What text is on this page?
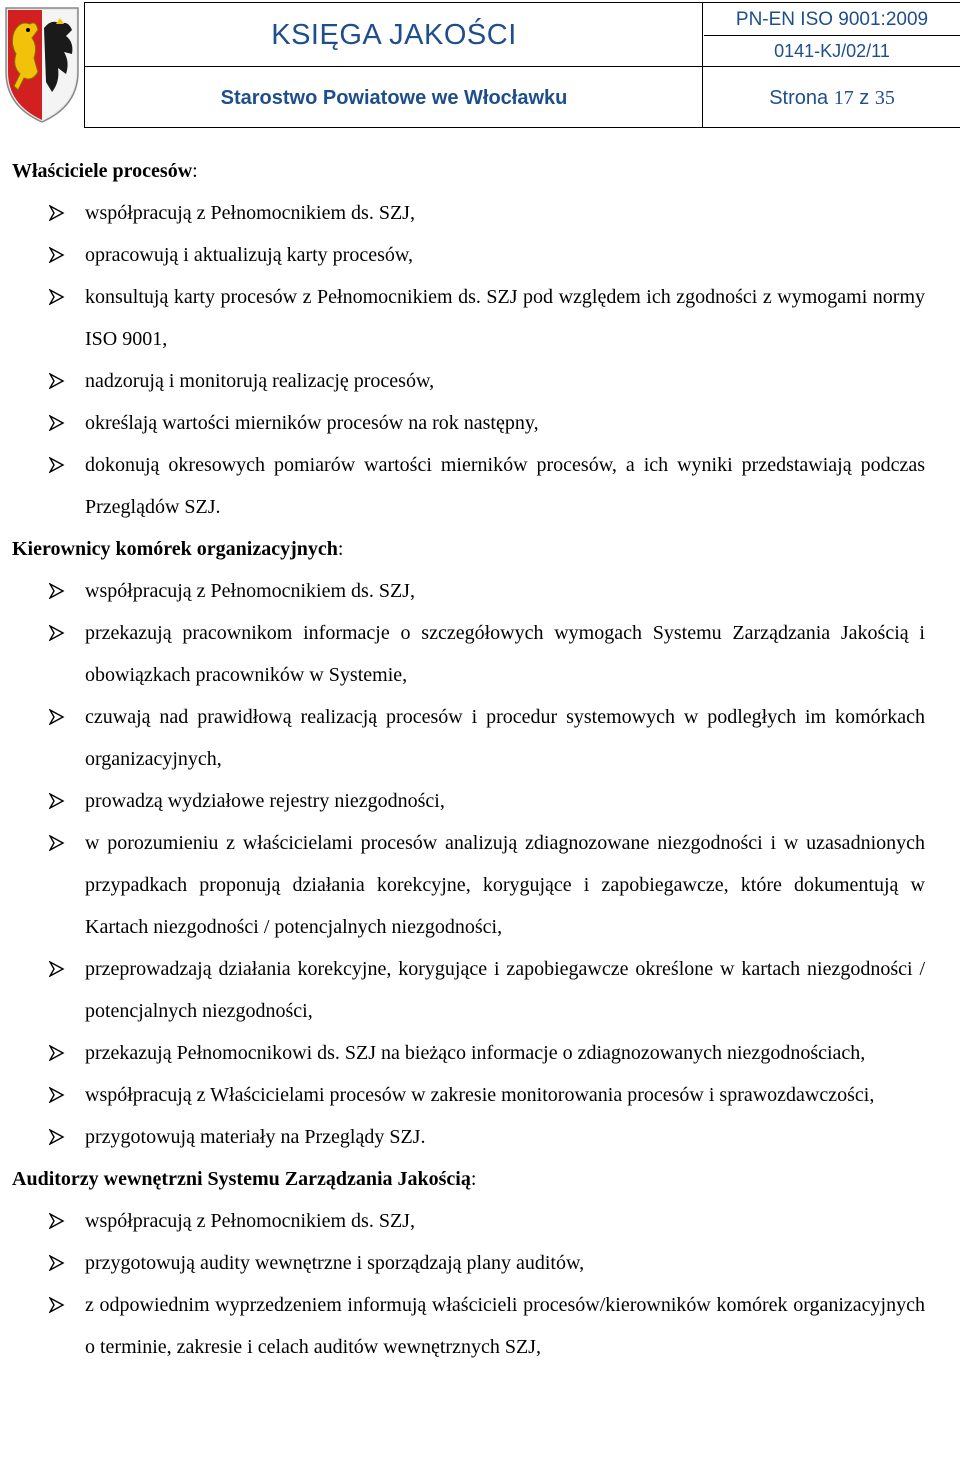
KSIĘGA JAKOŚCI	PN-EN ISO 9001:2009
0141-KJ/02/11
Starostwo Powiatowe we Włocławku	Strona 17 z 35

Właściciele procesów:

współpracują z Pełnomocnikiem ds. SZJ,
opracowują i aktualizują karty procesów,
konsultują karty procesów z Pełnomocnikiem ds. SZJ pod względem ich zgodności z wymogami normy ISO 9001,
nadzorują i monitorują realizację procesów,
określają wartości mierników procesów na rok następny,
dokonują okresowych pomiarów wartości mierników procesów, a ich wyniki przedstawiają podczas Przeglądów SZJ.

Kierownicy komórek organizacyjnych:

współpracują z Pełnomocnikiem ds. SZJ,
przekazują pracownikom informacje o szczegółowych wymogach Systemu Zarządzania Jakością i obowiązkach pracowników w Systemie,
czuwają nad prawidłową realizacją procesów i procedur systemowych w podległych im komórkach organizacyjnych,
prowadzą wydziałowe rejestry niezgodności,
w porozumieniu z właścicielami procesów analizują zdiagnozowane niezgodności i w uzasadnionych przypadkach proponują działania korekcyjne, korygujące i zapobiegawcze, które dokumentują w Kartach niezgodności / potencjalnych niezgodności,
przeprowadzają działania korekcyjne, korygujące i zapobiegawcze określone w kartach niezgodności / potencjalnych niezgodności,
przekazują Pełnomocnikowi ds. SZJ na bieżąco informacje o zdiagnozowanych niezgodnościach,
współpracują z Właścicielami procesów w zakresie monitorowania procesów i sprawozdawczości,
przygotowują materiały na Przeglądy SZJ.

Auditorzy wewnętrzni Systemu Zarządzania Jakością:

współpracują z Pełnomocnikiem ds. SZJ,
przygotowują audity wewnętrzne i sporządzają plany auditów,
z odpowiednim wyprzedzeniem informują właścicieli procesów/kierowników komórek organizacyjnych o terminie, zakresie i celach auditów wewnętrznych SZJ,
